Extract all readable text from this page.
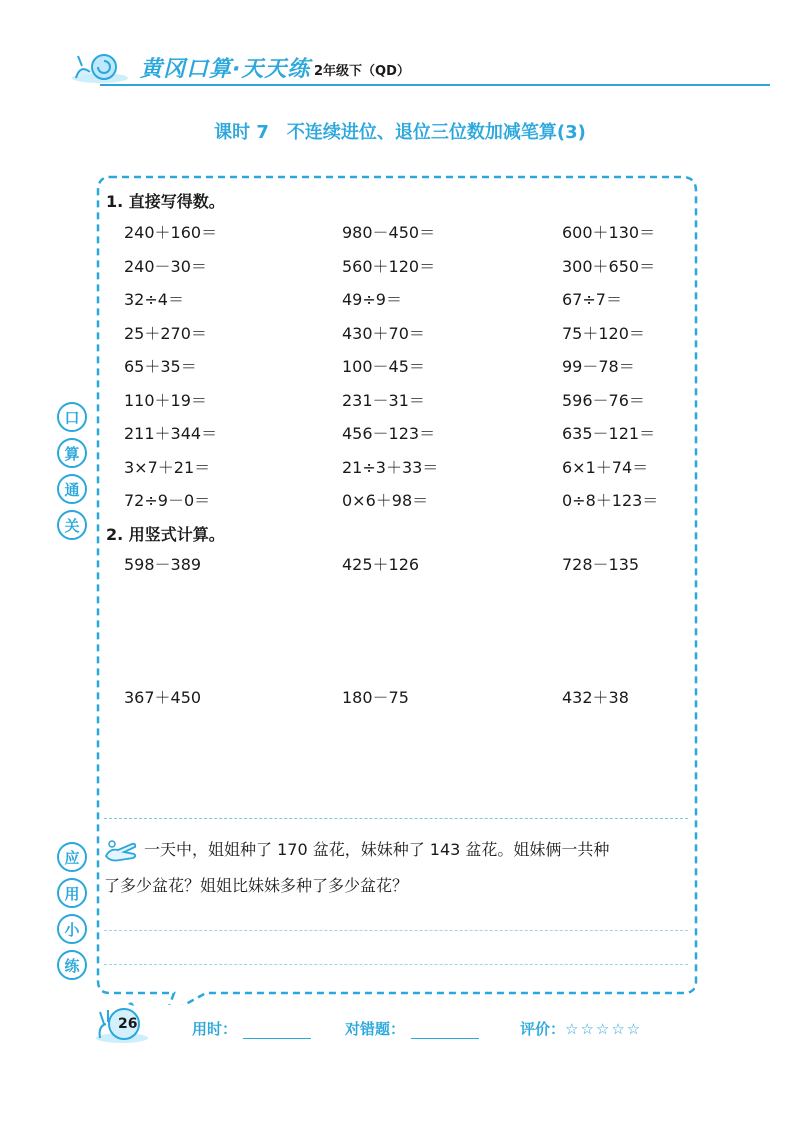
黄冈口算·天天练 2年级下（QD）
课时 7　不连续进位、退位三位数加减笔算(3)
口
算
通
关
应
用
小
练
1. 直接写得数。
240＋160＝	980－450＝	600＋130＝
240－30＝	560＋120＝	300＋650＝
32÷4＝	49÷9＝	67÷7＝
25＋270＝	430＋70＝	75＋120＝
65＋35＝	100－45＝	99－78＝
110＋19＝	231－31＝	596－76＝
211＋344＝	456－123＝	635－121＝
3×7＋21＝	21÷3＋33＝	6×1＋74＝
72÷9－0＝	0×6＋98＝	0÷8＋123＝
2. 用竖式计算。
598－389	425＋126	728－135
367＋450	180－75	432＋38
一天中，姐姐种了 170 盆花，妹妹种了 143 盆花。姐妹俩一共种
了多少盆花？姐姐比妹妹多种了多少盆花？
26	用时：	对错题：	评价：☆☆☆☆☆
